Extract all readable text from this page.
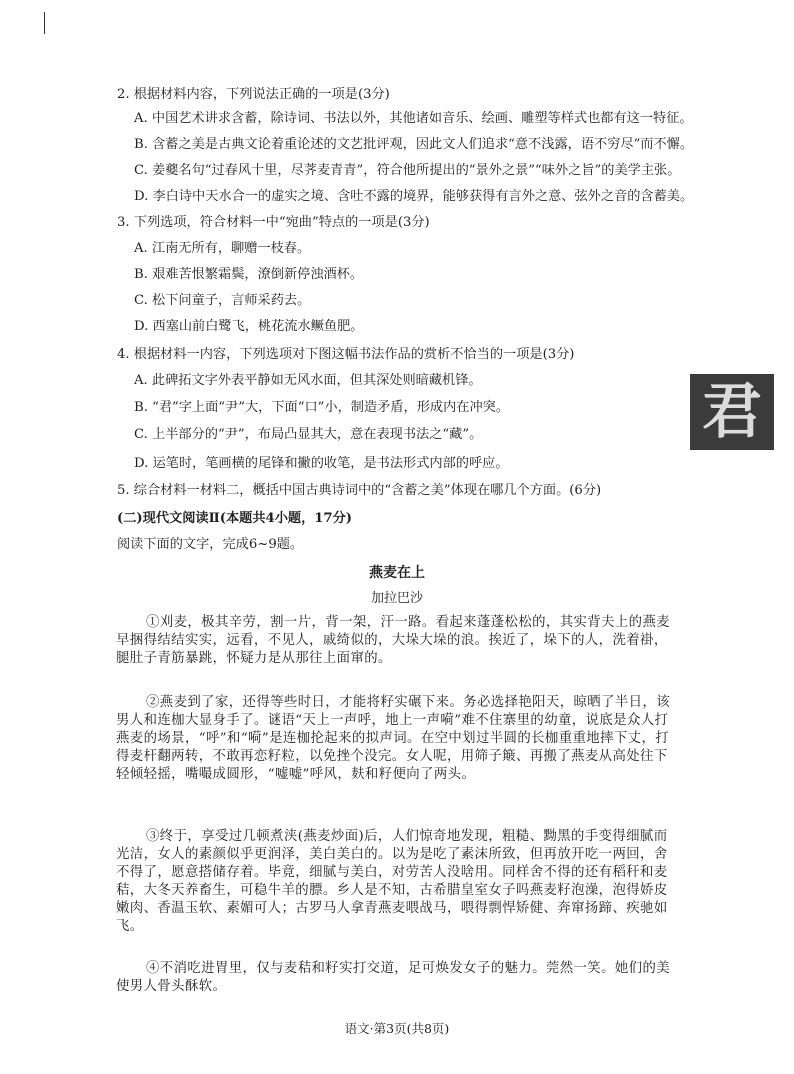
2. 根据材料内容，下列说法正确的一项是(3分)
A. 中国艺术讲求含蓄，除诗词、书法以外，其他诸如音乐、绘画、雕塑等样式也都有这一特征。
B. 含蓄之美是古典文论着重论述的文艺批评观，因此文人们追求“意不浅露，语不穷尽”而不懈。
C. 姜夔名句“过春风十里，尽荠麦青青”，符合他所提出的“景外之景”“味外之旨”的美学主张。
D. 李白诗中天水合一的虚实之境、含吐不露的境界，能够获得有言外之意、弦外之音的含蓄美。
3. 下列选项，符合材料一中“宛曲”特点的一项是(3分)
A. 江南无所有，聊赠一枝春。
B. 艰难苦恨繁霜鬓，潦倒新停浊酒杯。
C. 松下问童子，言师采药去。
D. 西塞山前白鹭飞，桃花流水鳜鱼肥。
4. 根据材料一内容，下列选项对下图这幅书法作品的赏析不恰当的一项是(3分)
A. 此碑拓文字外表平静如无风水面，但其深处则暗藏机锋。
B. “君”字上面“尹”大，下面“口”小，制造矛盾，形成内在冲突。
C. 上半部分的“尹”，布局凸显其大，意在表现书法之“藏”。
D. 运笔时，笔画横的尾锋和撇的收笔，是书法形式内部的呼应。
君
5. 综合材料一材料二，概括中国古典诗词中的“含蓄之美”体现在哪几个方面。(6分)
(二)现代文阅读Ⅱ(本题共4小题，17分)
阅读下面的文字，完成6~9题。
燕麦在上
加拉巴沙
①刈麦，极其辛劳，割一片，背一架，汗一路。看起来蓬蓬松松的，其实背夫上的燕麦早捆得结结实实，远看，不见人，戚绮似的，大垛大垛的浪。挨近了，垛下的人，洗着褂，腿肚子青筋暴跳，怀疑力是从那往上面窜的。
②燕麦到了家，还得等些时日，才能将籽实碾下来。务必选择艳阳天，晾晒了半日，该男人和连枷大显身手了。谜语“天上一声呼，地上一声嗬”难不住寨里的幼童，说底是众人打燕麦的场景，“呼”和“嗬”是连枷抡起来的拟声词。在空中划过半圆的长枷重重地摔下丈，打得麦杆翻两转，不敢再恋籽粒，以免挫个没完。女人呢，用筛子簸、再搬了燕麦从高处往下轻倾轻摇，嘴嘬成圆形，“嘘嘘”呼风，麸和籽便向了两头。
③终于，享受过几顿煮浃(燕麦炒面)后，人们惊奇地发现，粗糙、黝黑的手变得细腻而光洁，女人的素颜似乎更润泽，美白美白的。以为是吃了素沫所致，但再放开吃一两回，舍不得了，愿意搭储存着。毕竟，细腻与美白，对劳苦人没啥用。同样舍不得的还有稻秆和麦秸，大冬天养畜生，可稳牛羊的膘。乡人是不知，古希腊皇室女子吗燕麦籽泡澡，泡得娇皮嫩肉、香温玉软、素媚可人；古罗马人拿青燕麦喂战马，喂得剽悍矫健、奔窜扬蹄、疾驰如飞。
④不消吃进胃里，仅与麦秸和籽实打交道，足可焕发女子的魅力。莞然一笑。她们的美使男人骨头酥软。
语文·第3页(共8页)
